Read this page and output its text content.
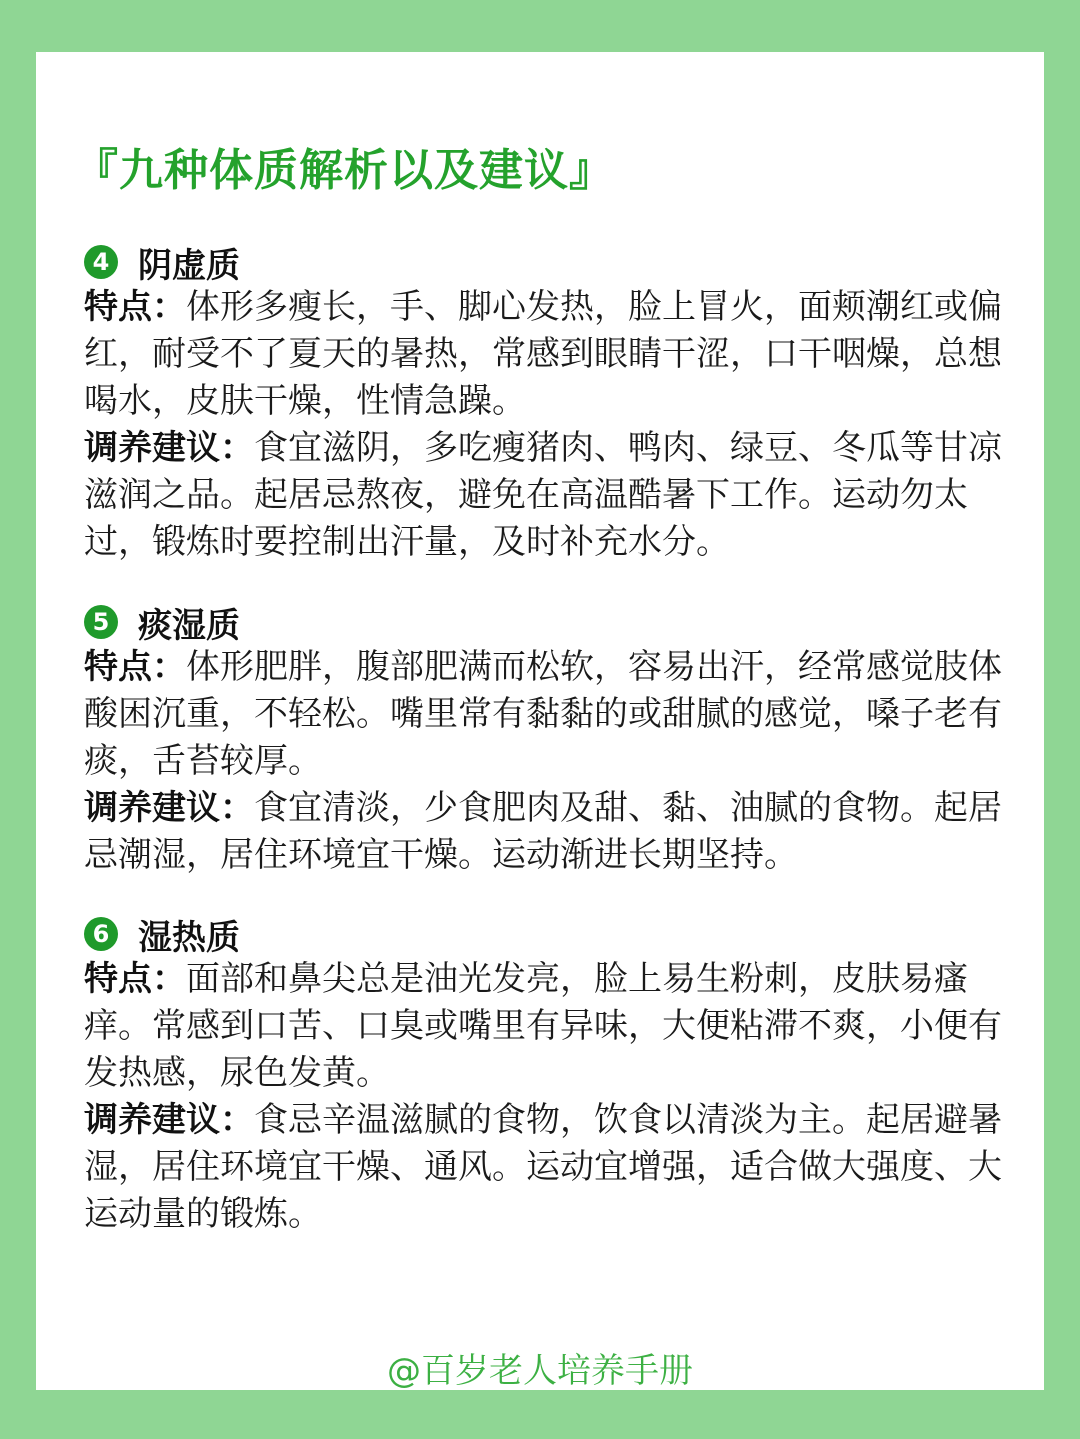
『九种体质解析以及建议』
4 阴虚质

特点：体形多瘦长，手、脚心发热，脸上冒火，面颊潮红或偏红，耐受不了夏天的暑热，常感到眼睛干涩，口干咽燥，总想喝水，皮肤干燥，性情急躁。

调养建议：食宜滋阴，多吃瘦猪肉、鸭肉、绿豆、冬瓜等甘凉滋润之品。起居忌熬夜，避免在高温酷暑下工作。运动勿太过，锻炼时要控制出汗量，及时补充水分。

5 痰湿质

特点：体形肥胖，腹部肥满而松软，容易出汗，经常感觉肢体酸困沉重，不轻松。嘴里常有黏黏的或甜腻的感觉，嗓子老有痰，舌苔较厚。

调养建议：食宜清淡，少食肥肉及甜、黏、油腻的食物。起居忌潮湿，居住环境宜干燥。运动渐进长期坚持。

6 湿热质

特点：面部和鼻尖总是油光发亮，脸上易生粉刺，皮肤易瘙痒。常感到口苦、口臭或嘴里有异味，大便粘滞不爽，小便有发热感，尿色发黄。

调养建议：食忌辛温滋腻的食物，饮食以清淡为主。起居避暑湿，居住环境宜干燥、通风。运动宜增强，适合做大强度、大运动量的锻炼。

@百岁老人培养手册
